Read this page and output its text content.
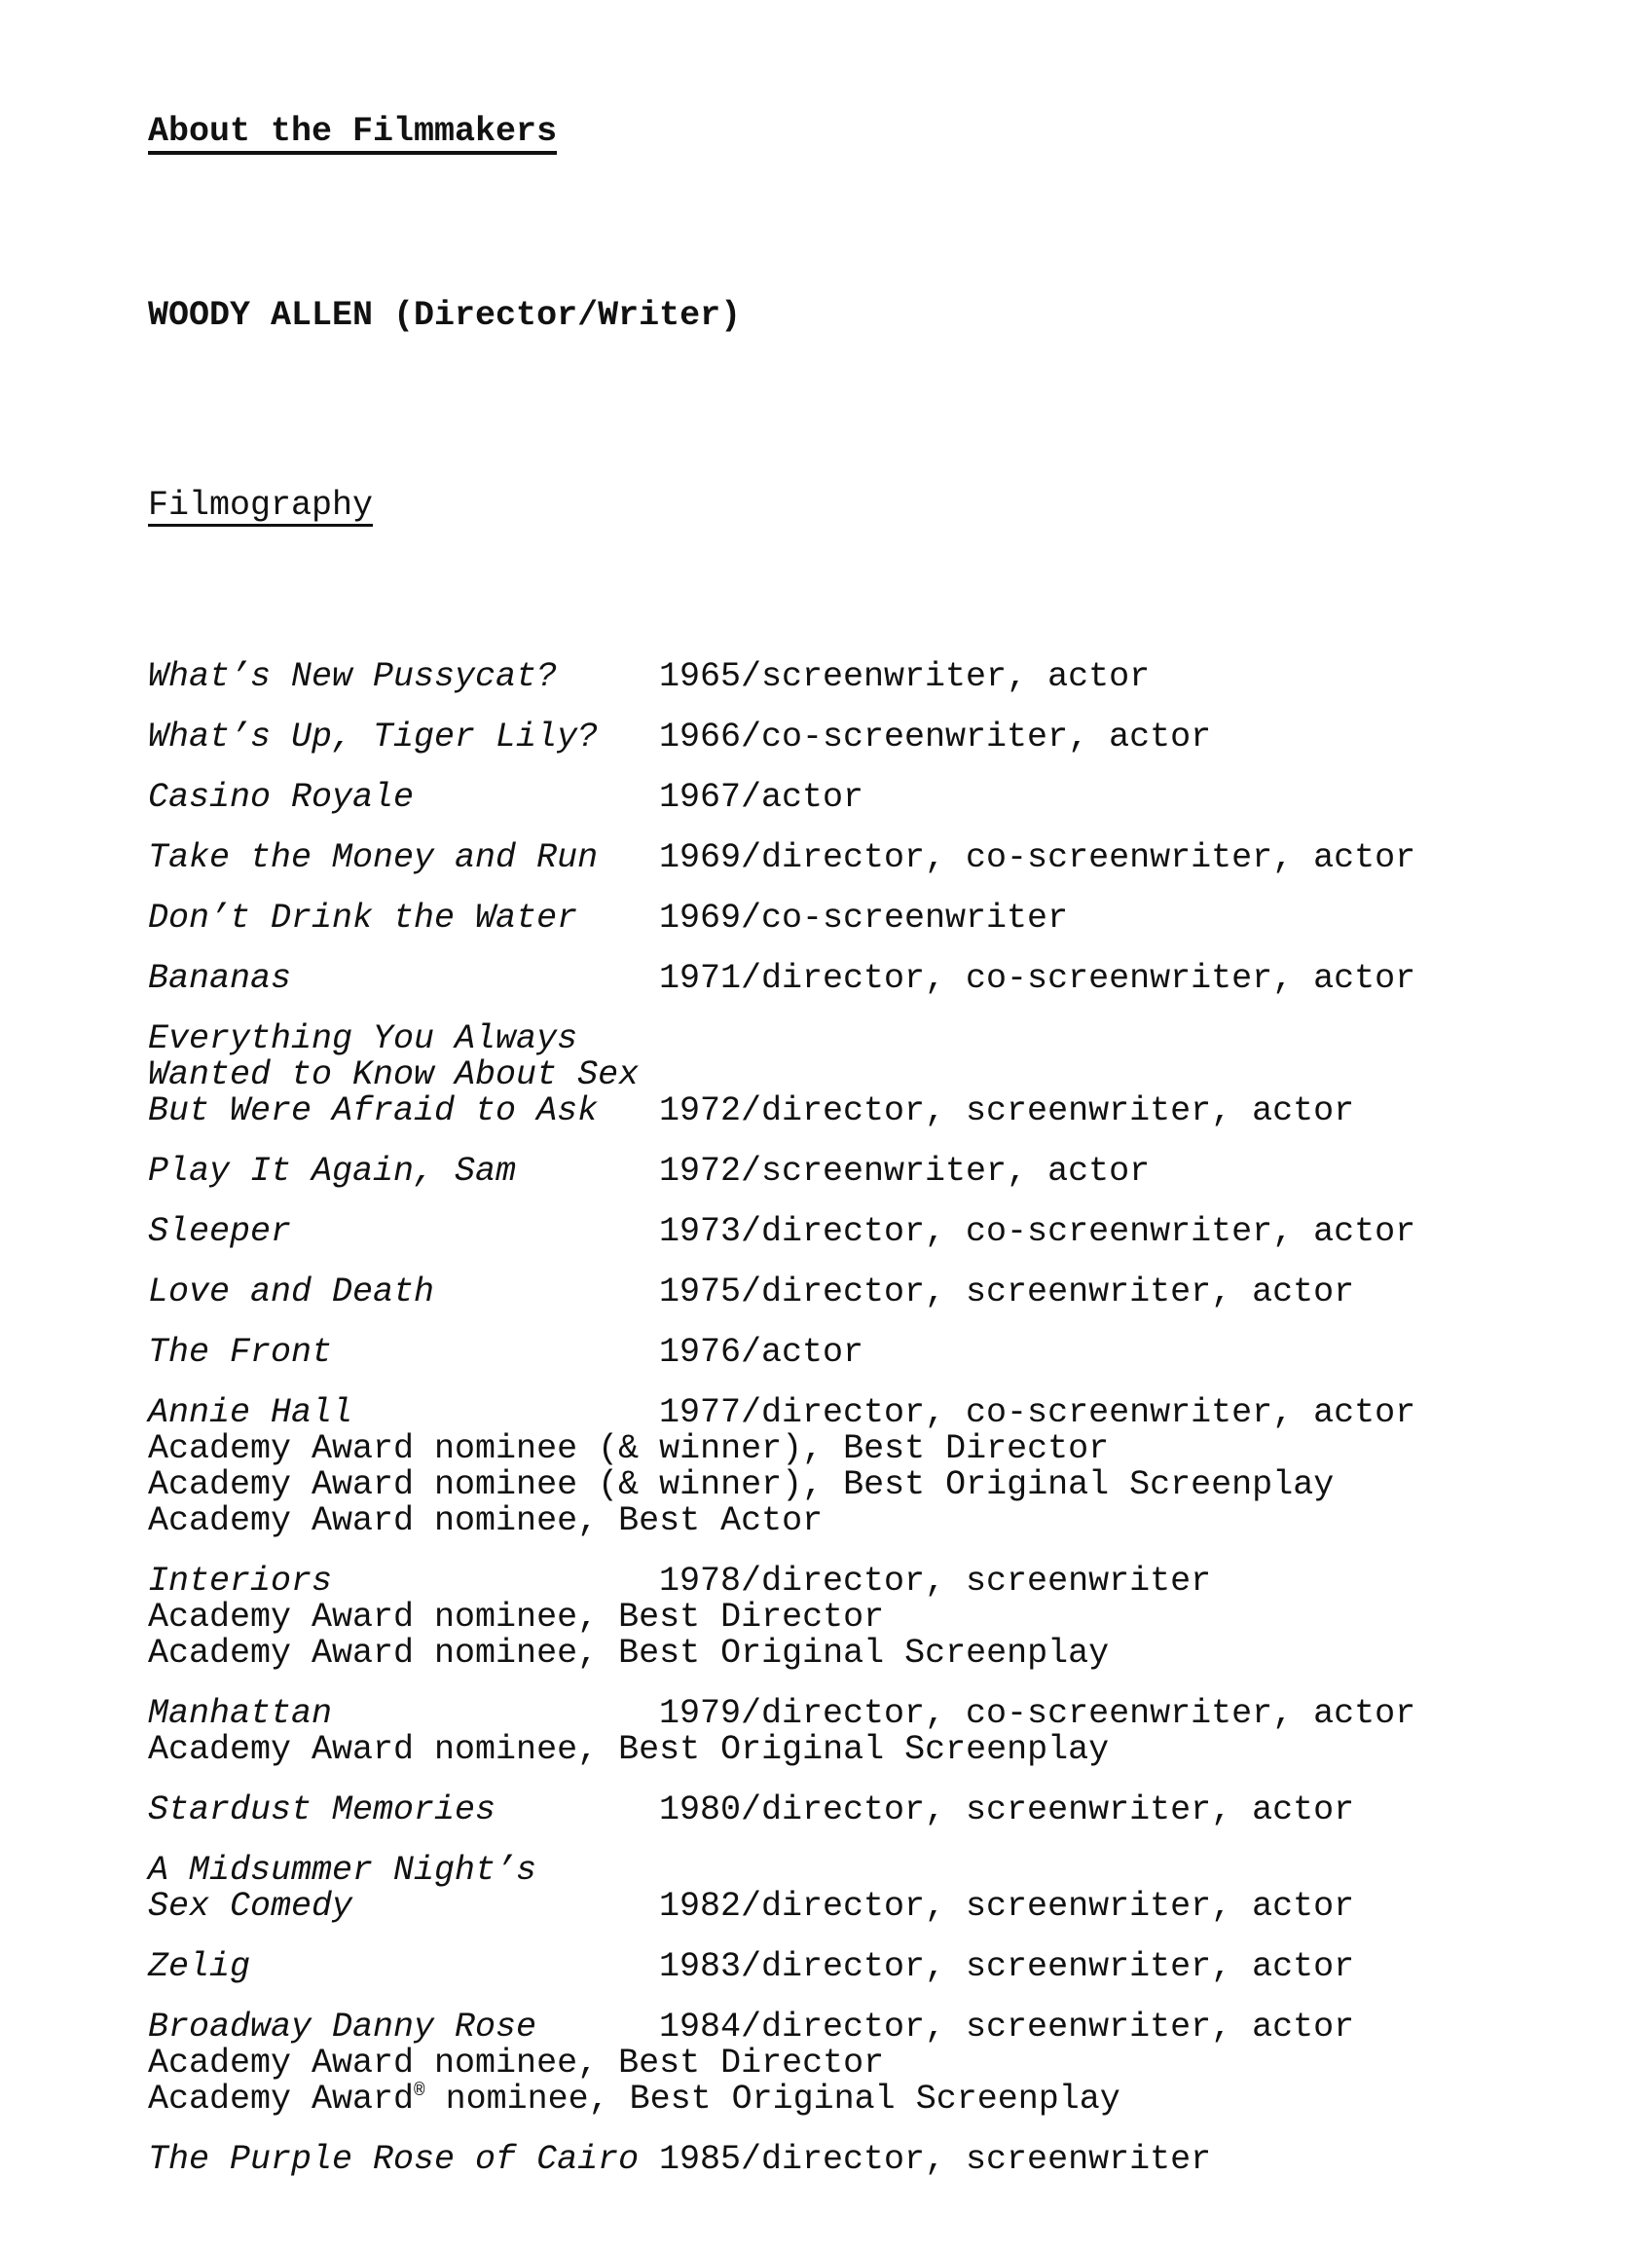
About the Filmmakers

WOODY ALLEN (Director/Writer)

Filmography

What’s New Pussycat?	1965/screenwriter, actor
What’s Up, Tiger Lily? 1966/co-screenwriter, actor
Casino Royale	1967/actor
Take the Money and Run 1969/director, co-screenwriter, actor
Don’t Drink the Water 1969/co-screenwriter
Bananas	1971/director, co-screenwriter, actor
Everything You Always
Wanted to Know About Sex
But Were Afraid to Ask 1972/director, screenwriter, actor
Play It Again, Sam	1972/screenwriter, actor
Sleeper	1973/director, co-screenwriter, actor
Love and Death	1975/director, screenwriter, actor
The Front	1976/actor
Annie Hall	1977/director, co-screenwriter, actor
Academy Award nominee (& winner), Best Director
Academy Award nominee (& winner), Best Original Screenplay
Academy Award nominee, Best Actor
Interiors	1978/director, screenwriter
Academy Award nominee, Best Director
Academy Award nominee, Best Original Screenplay
Manhattan	1979/director, co-screenwriter, actor
Academy Award nominee, Best Original Screenplay
Stardust Memories	1980/director, screenwriter, actor
A Midsummer Night’s
Sex Comedy	1982/director, screenwriter, actor
Zelig	1983/director, screenwriter, actor
Broadway Danny Rose	1984/director, screenwriter, actor
Academy Award nominee, Best Director
Academy Award® nominee, Best Original Screenplay
The Purple Rose of Cairo 1985/director, screenwriter
